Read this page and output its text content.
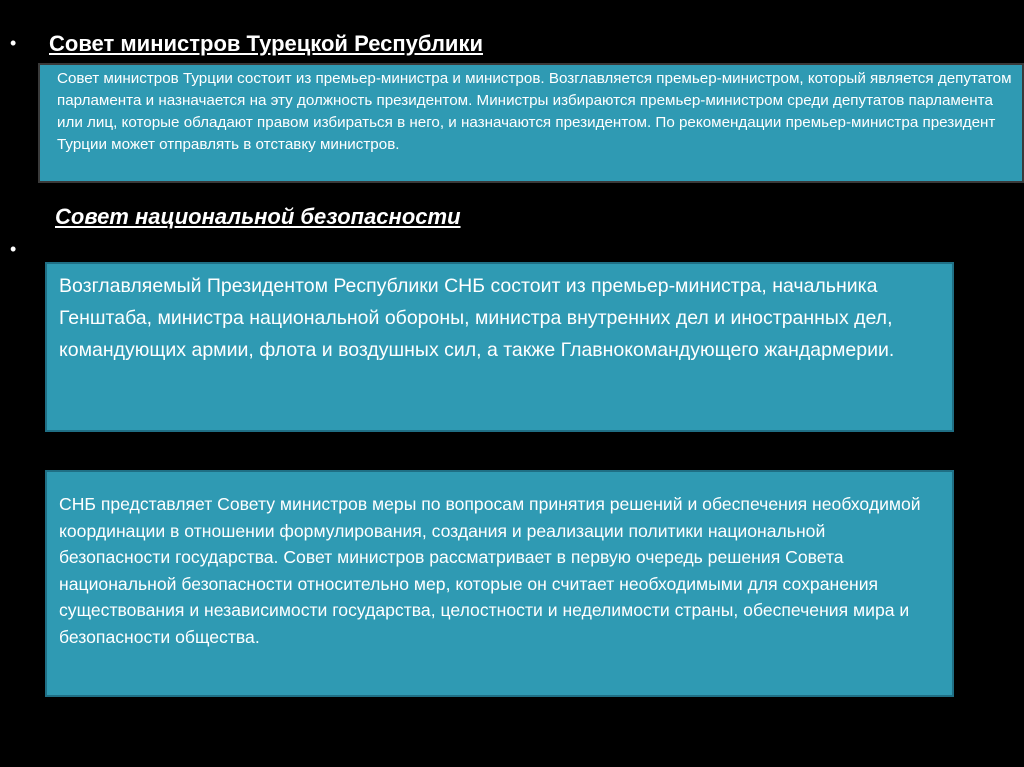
• Совет министров Турецкой Республики

Совет министров Турции состоит из премьер-министра и министров. Возглавляется премьер-министром, который является депутатом парламента и назначается на эту должность президентом. Министры избираются премьер-министром среди депутатов парламента или лиц, которые обладают правом избираться в него, и назначаются президентом. По рекомендации премьер-министра президент Турции может отправлять в отставку министров.

Совет национальной безопасности
•

Возглавляемый Президентом Республики СНБ состоит из премьер-министра, начальника Генштаба, министра национальной обороны, министра внутренних дел и иностранных дел, командующих армии, флота и воздушных сил, а также Главнокомандующего жандармерии.

СНБ представляет Совету министров меры по вопросам принятия решений и обеспечения необходимой координации в отношении формулирования, создания и реализации политики национальной безопасности государства. Совет министров рассматривает в первую очередь решения Совета национальной безопасности относительно мер, которые он считает необходимыми для сохранения существования и независимости государства, целостности и неделимости страны, обеспечения мира и безопасности общества.
